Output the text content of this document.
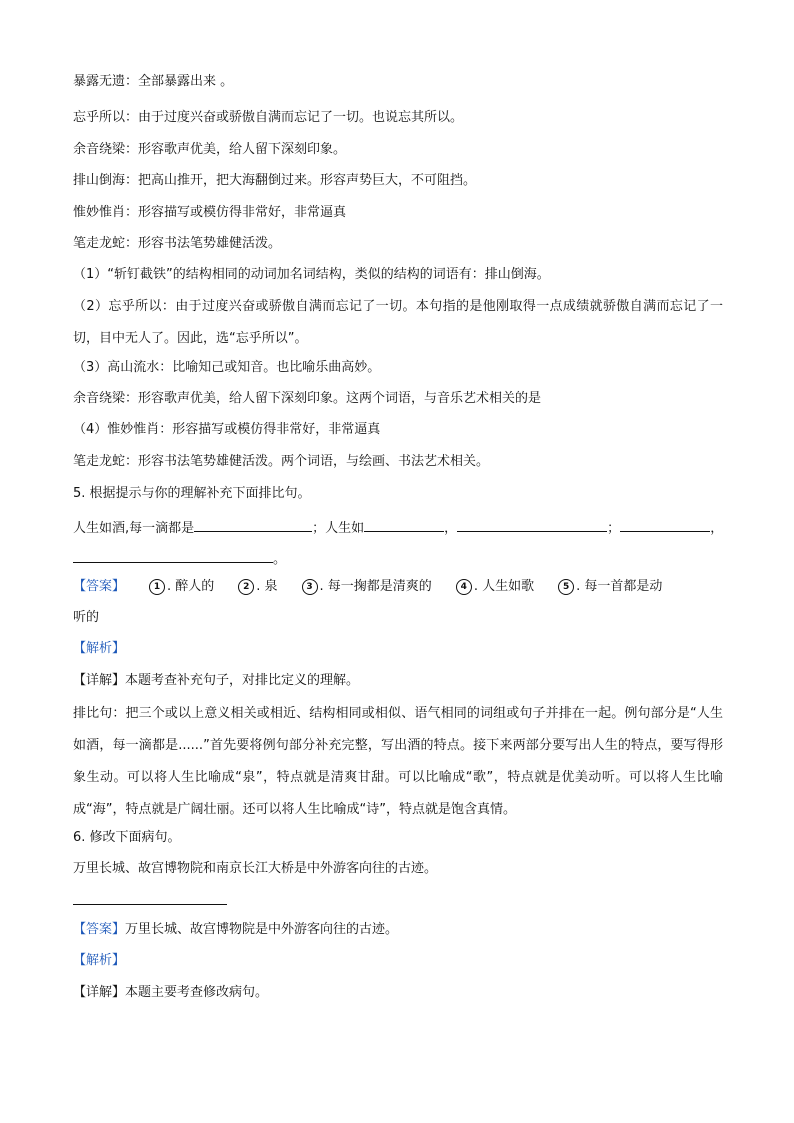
暴露无遗：全部暴露出来 。
忘乎所以：由于过度兴奋或骄傲自满而忘记了一切。也说忘其所以。
余音绕梁：形容歌声优美，给人留下深刻印象。
排山倒海：把高山推开，把大海翻倒过来。形容声势巨大，不可阻挡。
惟妙惟肖：形容描写或模仿得非常好，非常逼真
笔走龙蛇：形容书法笔势雄健活泼。
（1）“斩钉截铁”的结构相同的动词加名词结构，类似的结构的词语有：排山倒海。
（2）忘乎所以：由于过度兴奋或骄傲自满而忘记了一切。本句指的是他刚取得一点成绩就骄傲自满而忘记了一切，目中无人了。因此，选“忘乎所以”。
（3）高山流水：比喻知己或知音。也比喻乐曲高妙。
余音绕梁：形容歌声优美，给人留下深刻印象。这两个词语，与音乐艺术相关的是
（4）惟妙惟肖：形容描写或模仿得非常好，非常逼真
笔走龙蛇：形容书法笔势雄健活泼。两个词语，与绘画、书法艺术相关。
5. 根据提示与你的理解补充下面排比句。
人生如酒,每一滴都是	；人生如	，	；	，
。
【答案】	1 . 醉人的	2 . 泉	3 . 每一掬都是清爽的	4 . 人生如歌	5 . 每一首都是动
听的
【解析】
【详解】本题考查补充句子，对排比定义的理解。
排比句：把三个或以上意义相关或相近、结构相同或相似、语气相同的词组或句子并排在一起。例句部分是“人生如酒，每一滴都是......”首先要将例句部分补充完整，写出酒的特点。接下来两部分要写出人生的特点，要写得形象生动。可以将人生比喻成“泉”，特点就是清爽甘甜。可以比喻成“歌”，特点就是优美动听。可以将人生比喻成“海”，特点就是广阔壮丽。还可以将人生比喻成“诗”，特点就是饱含真情。
6. 修改下面病句。
万里长城、故宫博物院和南京长江大桥是中外游客向往的古迹。
【答案】万里长城、故宫博物院是中外游客向往的古迹。
【解析】
【详解】本题主要考查修改病句。
